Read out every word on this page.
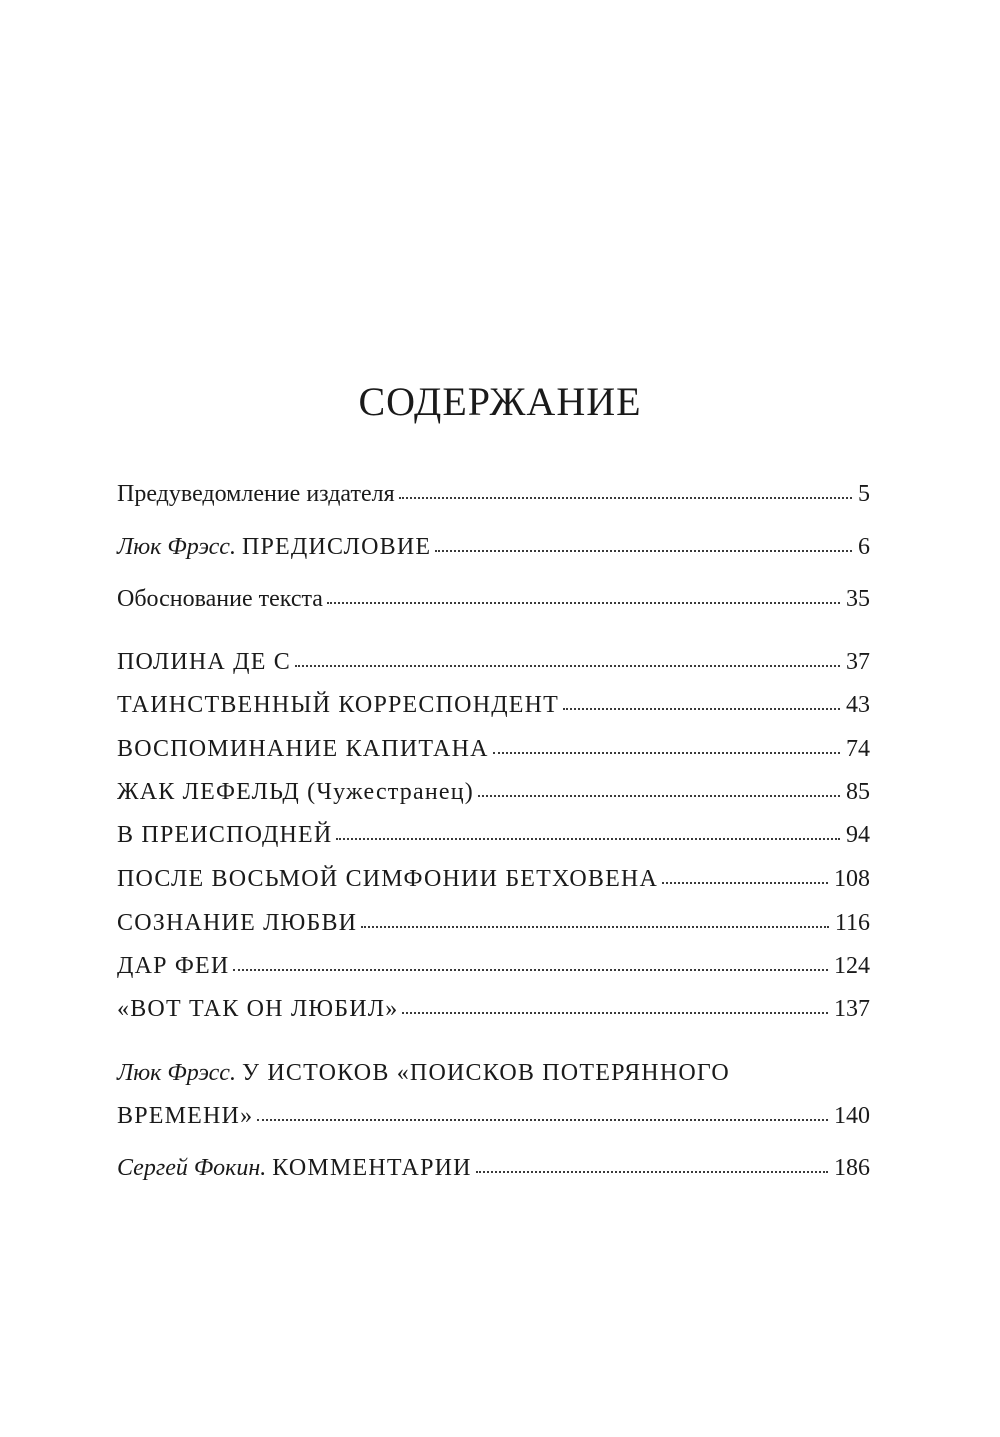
СОДЕРЖАНИЕ
Предуведомление издателя	5
Люк Фрэсс. ПРЕДИСЛОВИЕ	6
Обоснование текста	35
ПОЛИНА ДЕ С	37
ТАИНСТВЕННЫЙ КОРРЕСПОНДЕНТ	43
ВОСПОМИНАНИЕ КАПИТАНА	74
ЖАК ЛЕФЕЛЬД (Чужестранец)	85
В ПРЕИСПОДНЕЙ	94
ПОСЛЕ ВОСЬМОЙ СИМФОНИИ БЕТХОВЕНА	108
СОЗНАНИЕ ЛЮБВИ	116
ДАР ФЕИ	124
«ВОТ ТАК ОН ЛЮБИЛ»	137
Люк Фрэсс. У ИСТОКОВ «ПОИСКОВ ПОТЕРЯННОГО
ВРЕМЕНИ»	140
Сергей Фокин. КОММЕНТАРИИ	186
